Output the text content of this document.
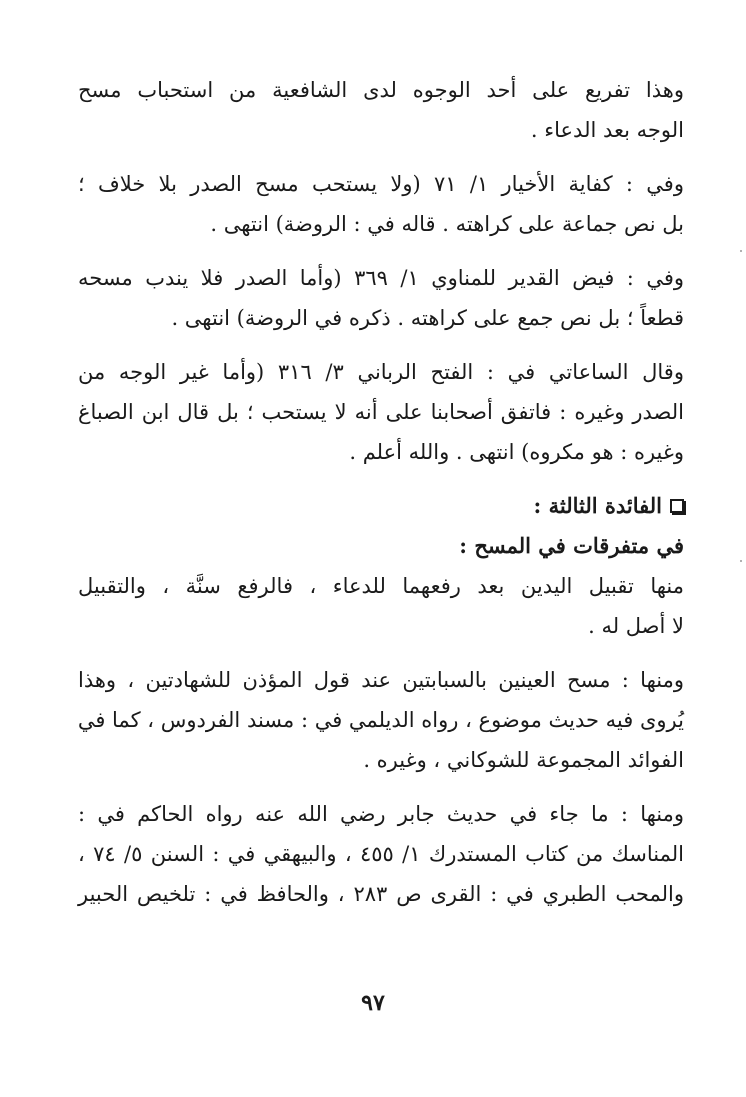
وهذا تفريع على أحد الوجوه لدى الشافعية من استحباب مسح
الوجه بعد الدعاء .
وفي : كفاية الأخيار ١/ ٧١ (ولا يستحب مسح الصدر بلا خلاف ؛
بل نص جماعة على كراهته . قاله في : الروضة) انتهى .
وفي : فيض القدير للمناوي ١/ ٣٦٩ (وأما الصدر فلا يندب مسحه
قطعاً ؛ بل نص جمع على كراهته . ذكره في الروضة) انتهى .
وقال الساعاتي في : الفتح الرباني ٣/ ٣١٦ (وأما غير الوجه من
الصدر وغيره : فاتفق أصحابنا على أنه لا يستحب ؛ بل قال ابن الصباغ
وغيره : هو مكروه) انتهى . والله أعلم .
الفائدة الثالثة :
في متفرقات في المسح :
منها تقبيل اليدين بعد رفعهما للدعاء ، فالرفع سنَّة ، والتقبيل
لا أصل له .
ومنها : مسح العينين بالسبابتين عند قول المؤذن للشهادتين ، وهذا
يُروى فيه حديث موضوع ، رواه الديلمي في : مسند الفردوس ، كما في
الفوائد المجموعة للشوكاني ، وغيره .
ومنها : ما جاء في حديث جابر رضي الله عنه رواه الحاكم في :
المناسك من كتاب المستدرك ١/ ٤٥٥ ، والبيهقي في : السنن ٥/ ٧٤ ،
والمحب الطبري في : القرى ص ٢٨٣ ، والحافظ في : تلخيص الحبير
٩٧
